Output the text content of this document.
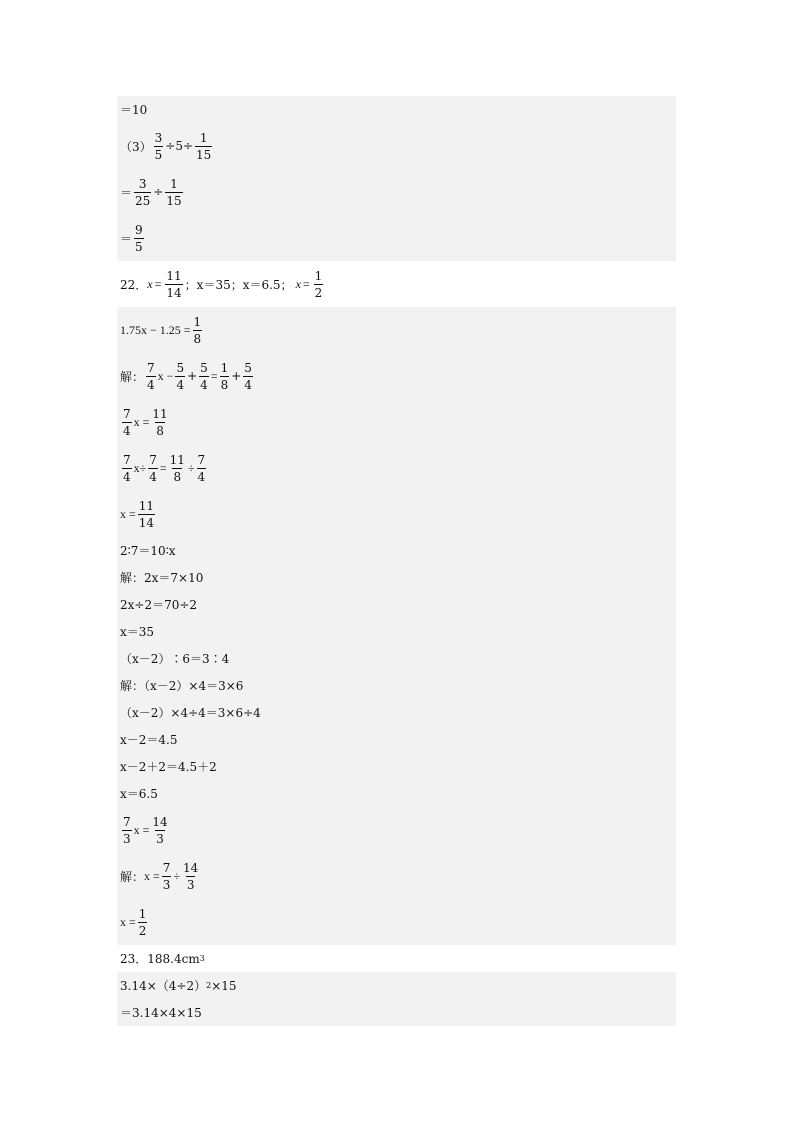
＝10
$(3) \frac{3}{5} \div 5\div \frac{1}{15}$
＝ $\frac{3}{25} \div \frac{1}{15}$
＝ $\frac{9}{5}$
22． $x = \frac{11}{14}$ ；x＝35；x＝6.5； $x = \frac{1}{2}$
$1.75x - 1.25 = \frac{1}{8}$
解： $\frac{7}{4}$ $x - \frac{5}{4} + \frac{5}{4} = \frac{1}{8} + \frac{5}{4}$
$\frac{7}{4}$ $x = \frac{11}{8}$
$\frac{7}{4} x\div \frac{7}{4} = \frac{11}{8} \div \frac{7}{4}$
$x = \frac{11}{14}$
2∶7＝10∶x
解：2x＝7×10
2x÷2＝70÷2
x＝35
（x－2）∶6＝3∶4
解：（x－2）×4＝3×6
（x－2）×4÷4＝3×6÷4
x－2＝4.5
x－2＋2＝4.5＋2
x＝6.5
$\frac{7}{3}$ $x = \frac{14}{3}$
解： $x = \frac{7}{3} \div \frac{14}{3}$
$x = \frac{1}{2}$
23．188.4cm 3
3.14×（4÷2） 2 ×15
＝3.14×4×15
